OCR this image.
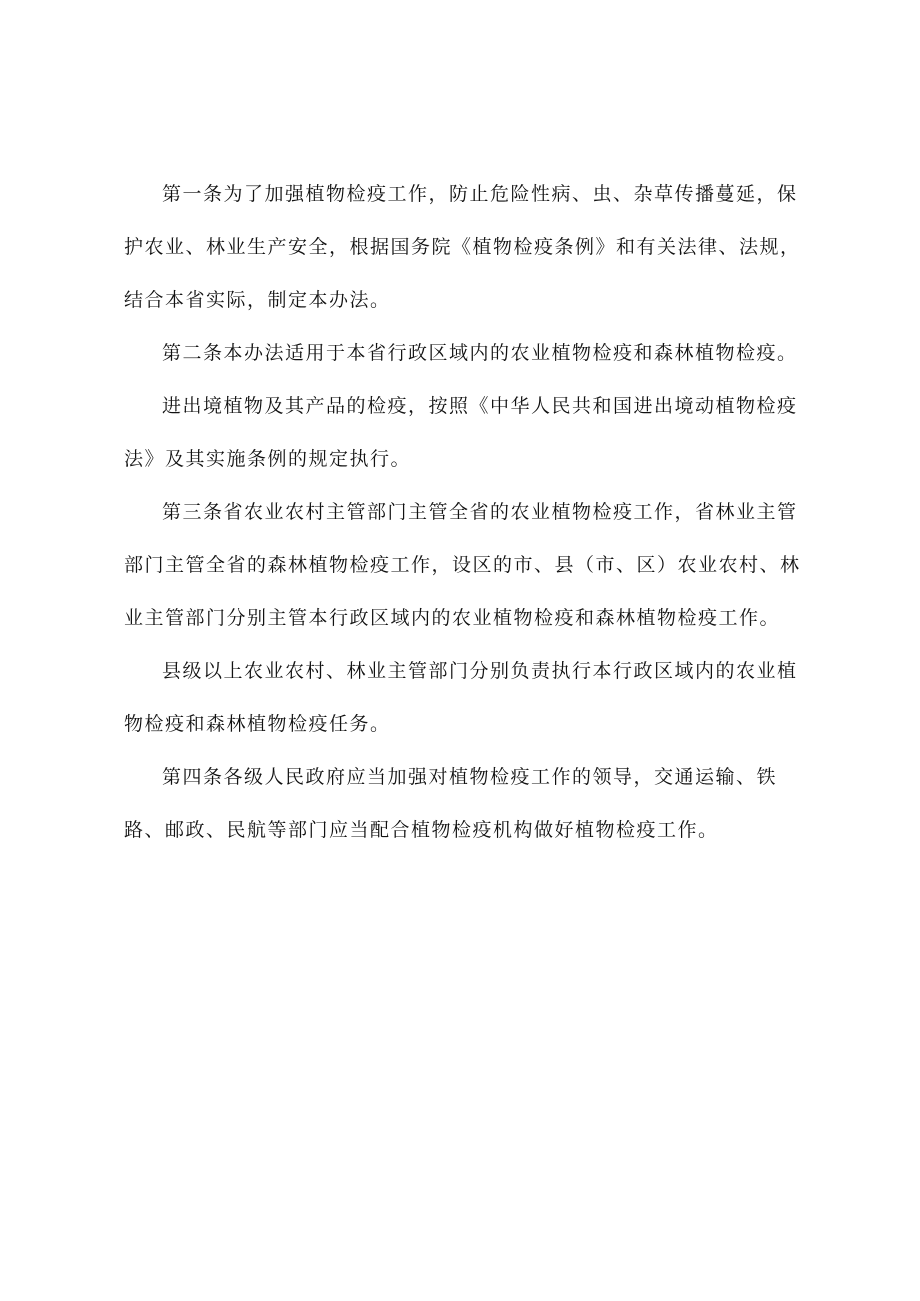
第一条为了加强植物检疫工作，防止危险性病、虫、杂草传播蔓延，保护农业、林业生产安全，根据国务院《植物检疫条例》和有关法律、法规，结合本省实际，制定本办法。

第二条本办法适用于本省行政区域内的农业植物检疫和森林植物检疫。

进出境植物及其产品的检疫，按照《中华人民共和国进出境动植物检疫法》及其实施条例的规定执行。

第三条省农业农村主管部门主管全省的农业植物检疫工作，省林业主管部门主管全省的森林植物检疫工作，设区的市、县（市、区）农业农村、林业主管部门分别主管本行政区域内的农业植物检疫和森林植物检疫工作。

县级以上农业农村、林业主管部门分别负责执行本行政区域内的农业植物检疫和森林植物检疫任务。

第四条各级人民政府应当加强对植物检疫工作的领导，交通运输、铁路、邮政、民航等部门应当配合植物检疫机构做好植物检疫工作。
